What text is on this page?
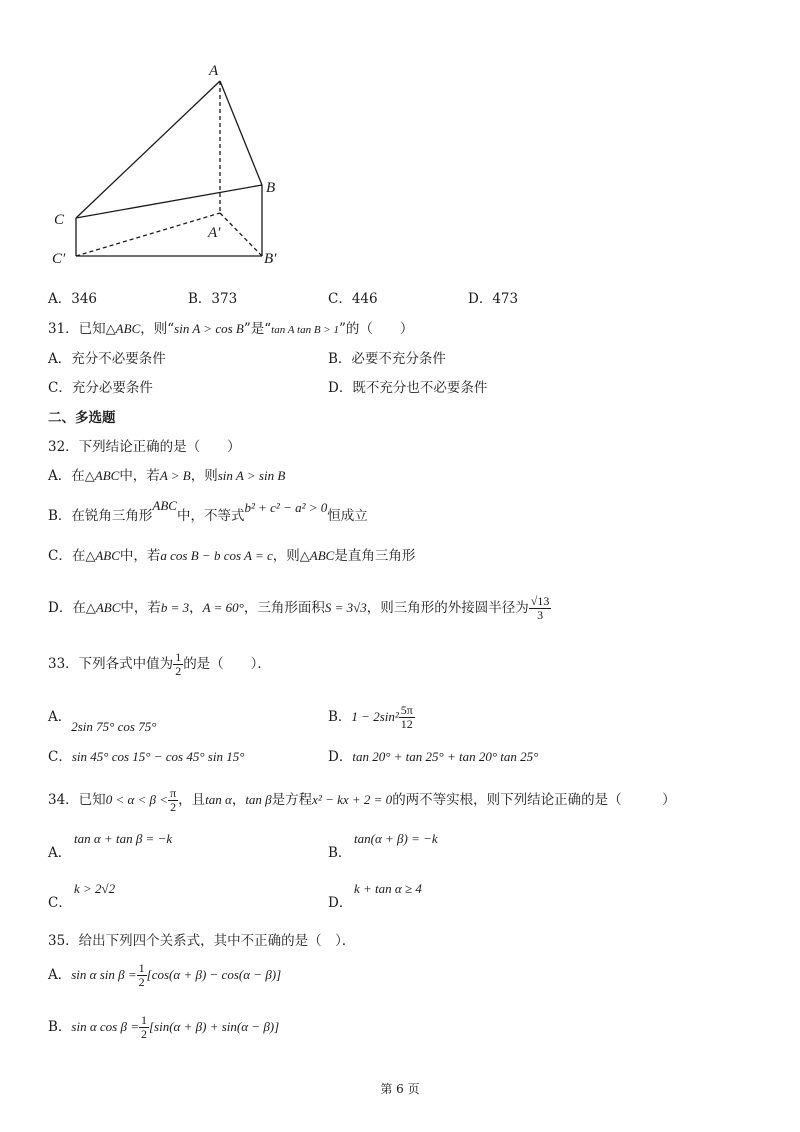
A
B
C
A′
B′
C′
A．346	B．373	C．446	D．473
31．已知△ABC，则“sin A > cos B”是“tan A tan B > 1”的（　　）
A．充分不必要条件	B．必要不充分条件
C．充分必要条件	D．既不充分也不必要条件
二、多选题
32．下列结论正确的是（　　）
A．在△ABC中，若A > B，则sin A > sin B
B．在锐角三角形ABC中，不等式b² + c² − a² > 0恒成立
C．在△ABC中，若a cos B − b cos A = c，则△ABC是直角三角形
D．在△ABC中，若b = 3，A = 60°，三角形面积S = 3√3，则三角形的外接圆半径为 $\frac{√13}{3}$
33．下列各式中值为 $\frac{1}{2}$ 的是（　　）．
A．2sin 75° cos 75°
B．$1 - 2\sin^2 \frac{5\pi}{12}$
C．sin 45° cos 15° − cos 45° sin 15°	D．tan 20° + tan 25° + tan 20° tan 25°
34．已知$0 < \alpha < \beta < \frac{\pi}{2}$ ，且tan α，tan β是方程x² − kx + 2 = 0的两不等实根，则下列结论正确的是（　　　）
tan α + tan β = −k
A．
tan(α + β) = −k
B．
k > 2√2
C．
k + tan α ≥ 4
D．
35．给出下列四个关系式，其中不正确的是（　）．
A．sin α $\sin \beta = \frac{1}{2} [\cos(\alpha + \beta) - \cos(\alpha - \beta)]$
B．sin α $\cos \beta = \frac{1}{2} [\sin(\alpha + \beta) + \sin(\alpha - \beta)]$
第 6 页
